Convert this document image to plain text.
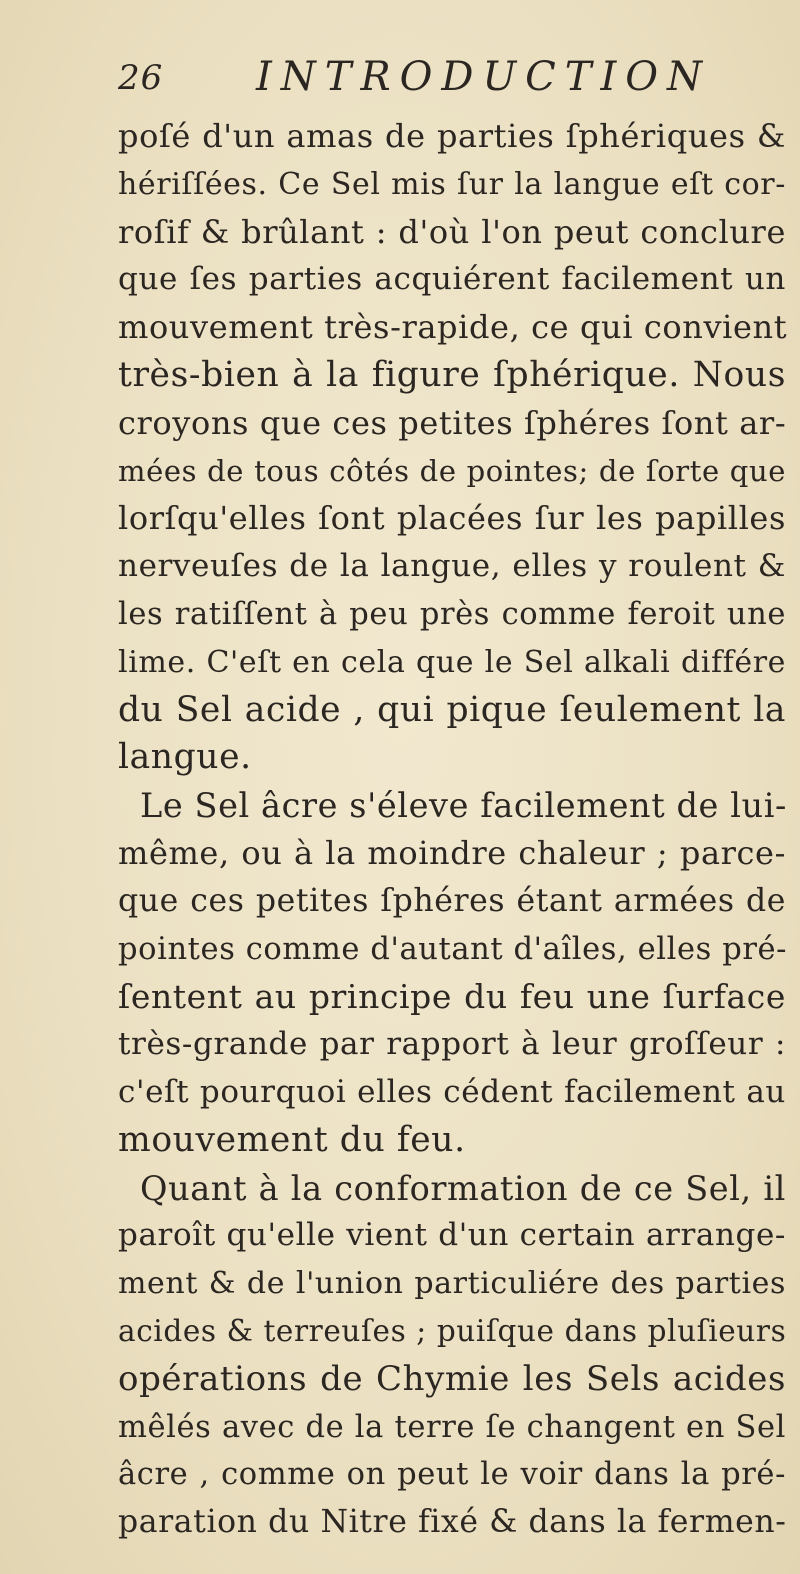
26 INTRODUCTION
poſé d'un amas de parties ſphériques &
hériſſées. Ce Sel mis ſur la langue eſt cor-
roſif & brûlant : d'où l'on peut conclure
que ſes parties acquiérent facilement un
mouvement très-rapide, ce qui convient
très-bien à la figure ſphérique. Nous
croyons que ces petites ſphéres ſont ar-
mées de tous côtés de pointes; de ſorte que
lorſqu'elles ſont placées ſur les papilles
nerveuſes de la langue, elles y roulent &
les ratiſſent à peu près comme feroit une
lime. C'eſt en cela que le Sel alkali différe
du Sel acide , qui pique ſeulement la
langue.
Le Sel âcre s'éleve facilement de lui-
même, ou à la moindre chaleur ; parce-
que ces petites ſphéres étant armées de
pointes comme d'autant d'aîles, elles pré-
ſentent au principe du feu une ſurface
très-grande par rapport à leur groſſeur :
c'eſt pourquoi elles cédent facilement au
mouvement du feu.
Quant à la conformation de ce Sel, il
paroît qu'elle vient d'un certain arrange-
ment & de l'union particuliére des parties
acides & terreuſes ; puiſque dans pluſieurs
opérations de Chymie les Sels acides
mêlés avec de la terre ſe changent en Sel
âcre , comme on peut le voir dans la pré-
paration du Nitre fixé & dans la fermen-
